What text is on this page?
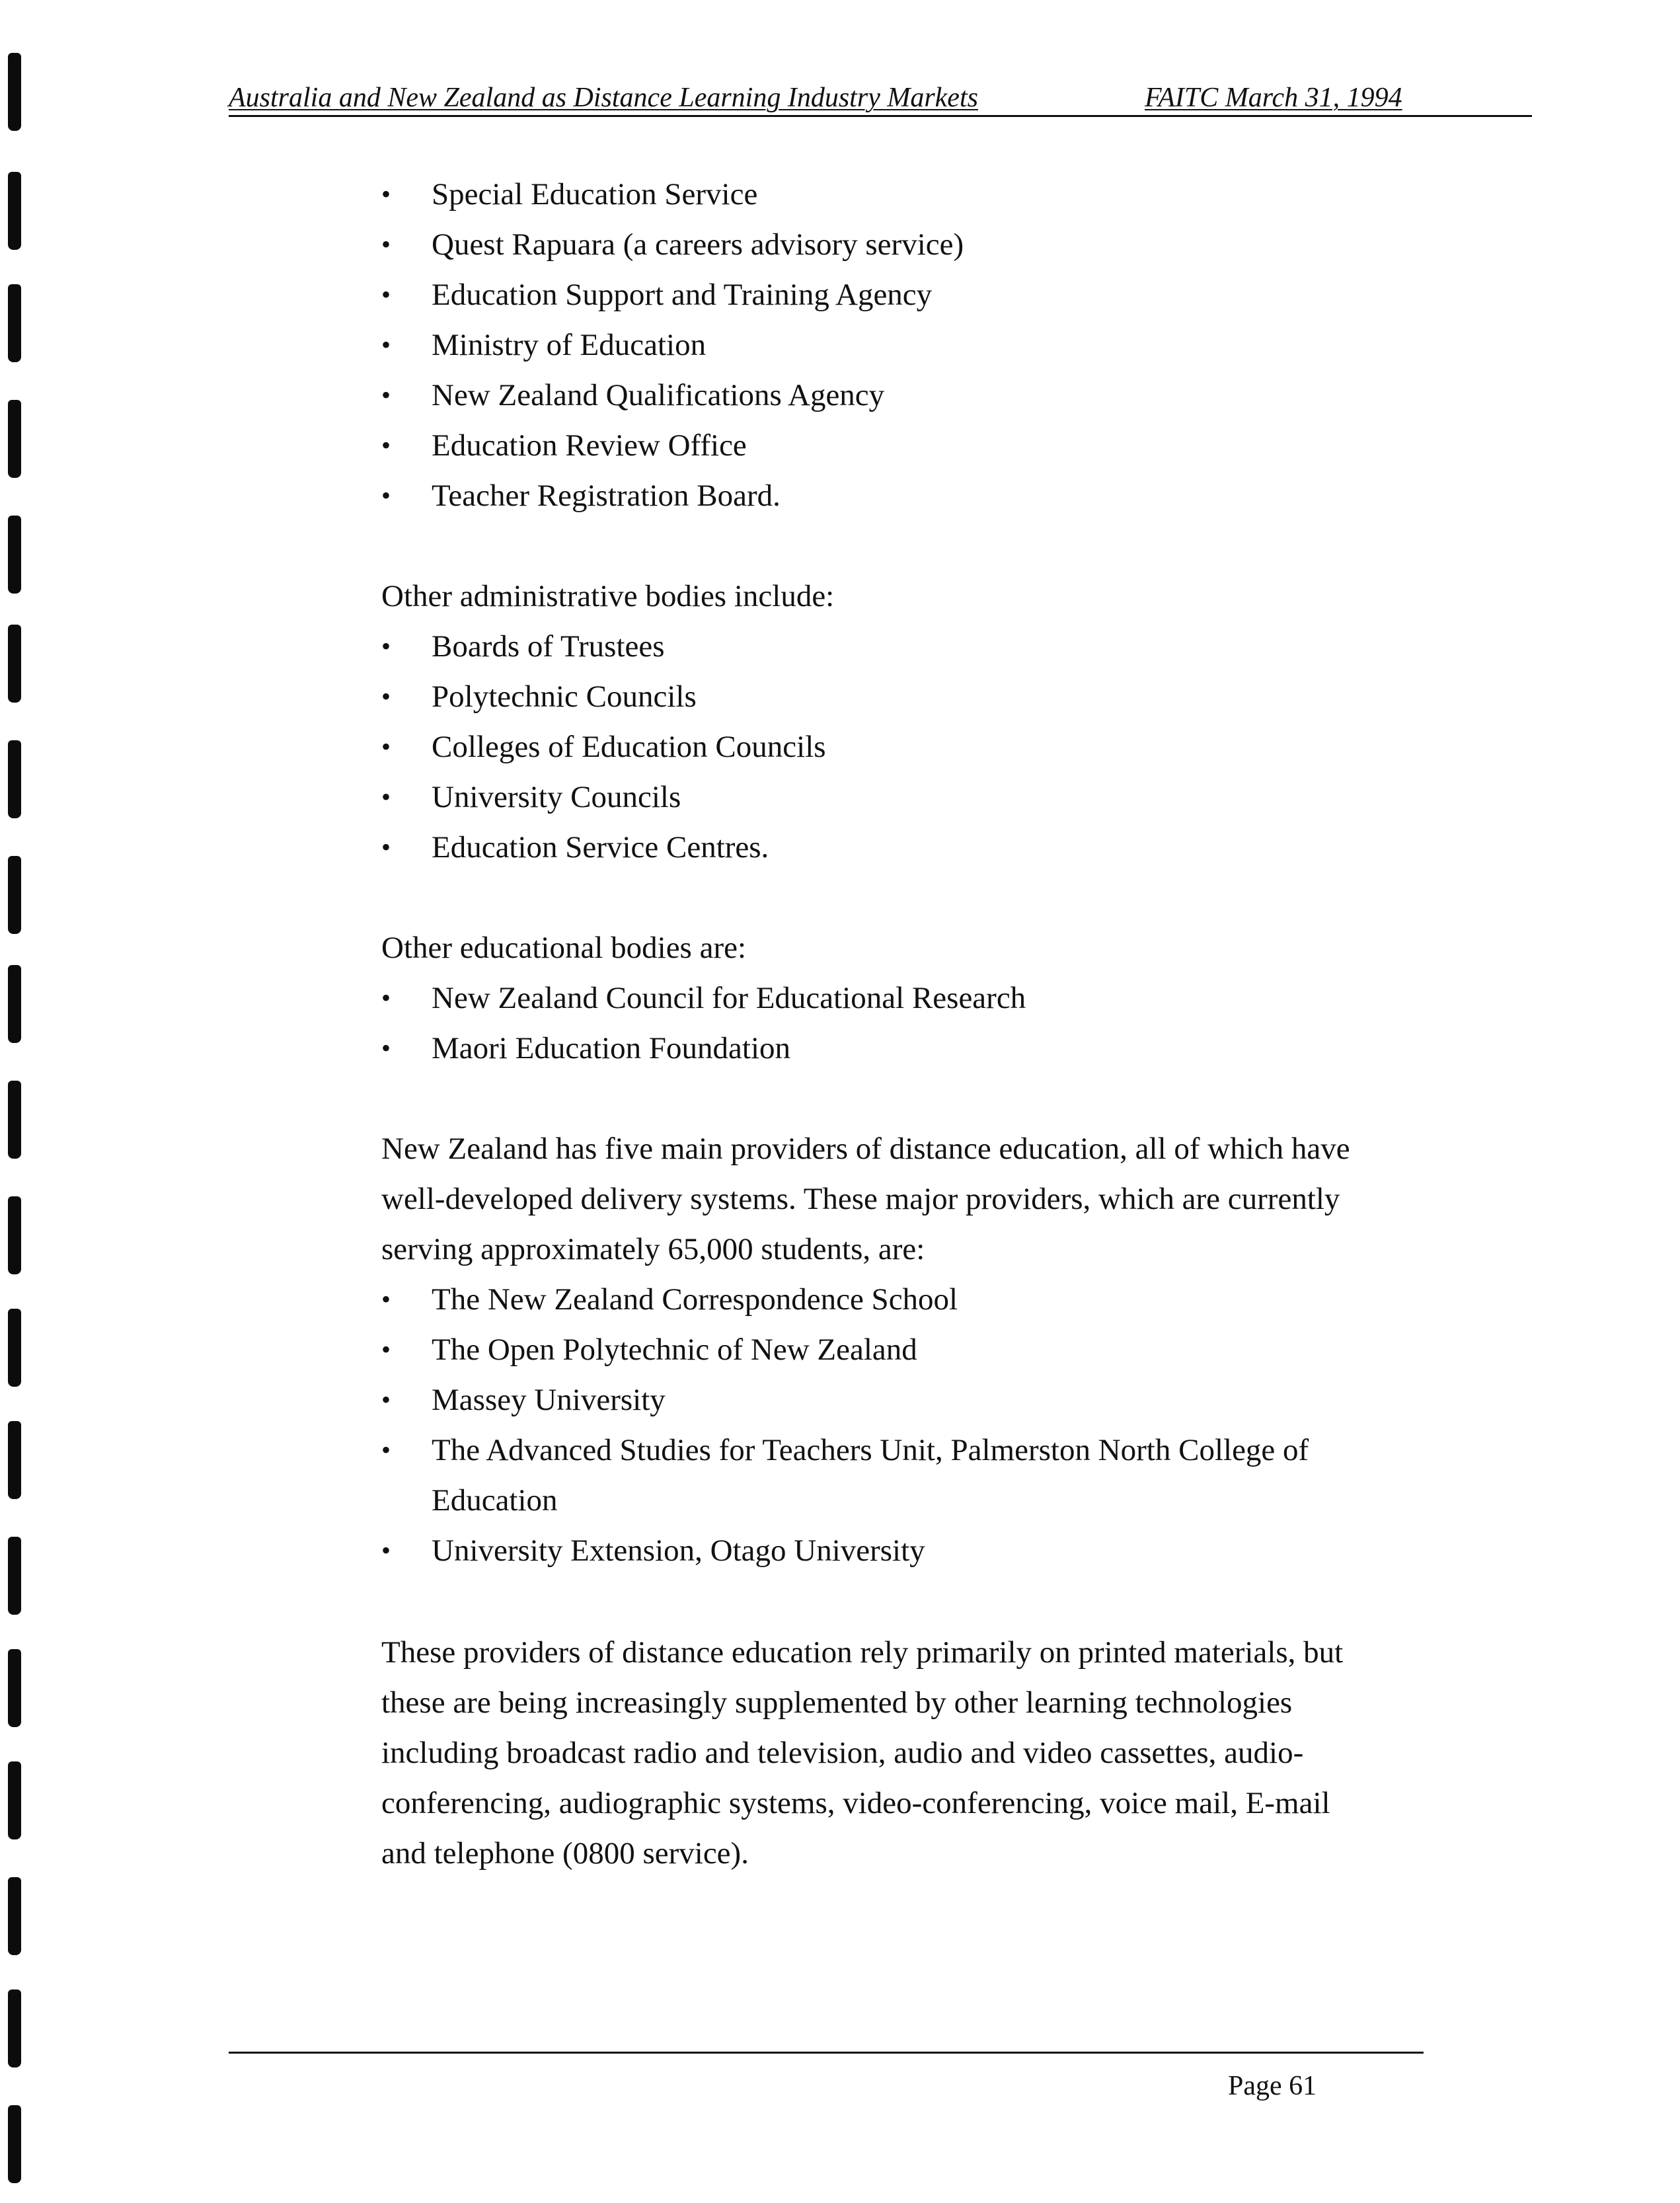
Australia and New Zealand as Distance Learning Industry Markets	FAITC March 31, 1994
• Special Education Service
• Quest Rapuara (a careers advisory service)
• Education Support and Training Agency
• Ministry of Education
• New Zealand Qualifications Agency
• Education Review Office
• Teacher Registration Board.

Other administrative bodies include:

• Boards of Trustees
• Polytechnic Councils
• Colleges of Education Councils
• University Councils
• Education Service Centres.

Other educational bodies are:

• New Zealand Council for Educational Research
• Maori Education Foundation

New Zealand has five main providers of distance education, all of which have

well-developed delivery systems. These major providers, which are currently

serving approximately 65,000 students, are:

• The New Zealand Correspondence School
• The Open Polytechnic of New Zealand
• Massey University
• The Advanced Studies for Teachers Unit, Palmerston North College of
Education
• University Extension, Otago University

These providers of distance education rely primarily on printed materials, but

these are being increasingly supplemented by other learning technologies

including broadcast radio and television, audio and video cassettes, audio-

conferencing, audiographic systems, video-conferencing, voice mail, E-mail

and telephone (0800 service).

Page 61
